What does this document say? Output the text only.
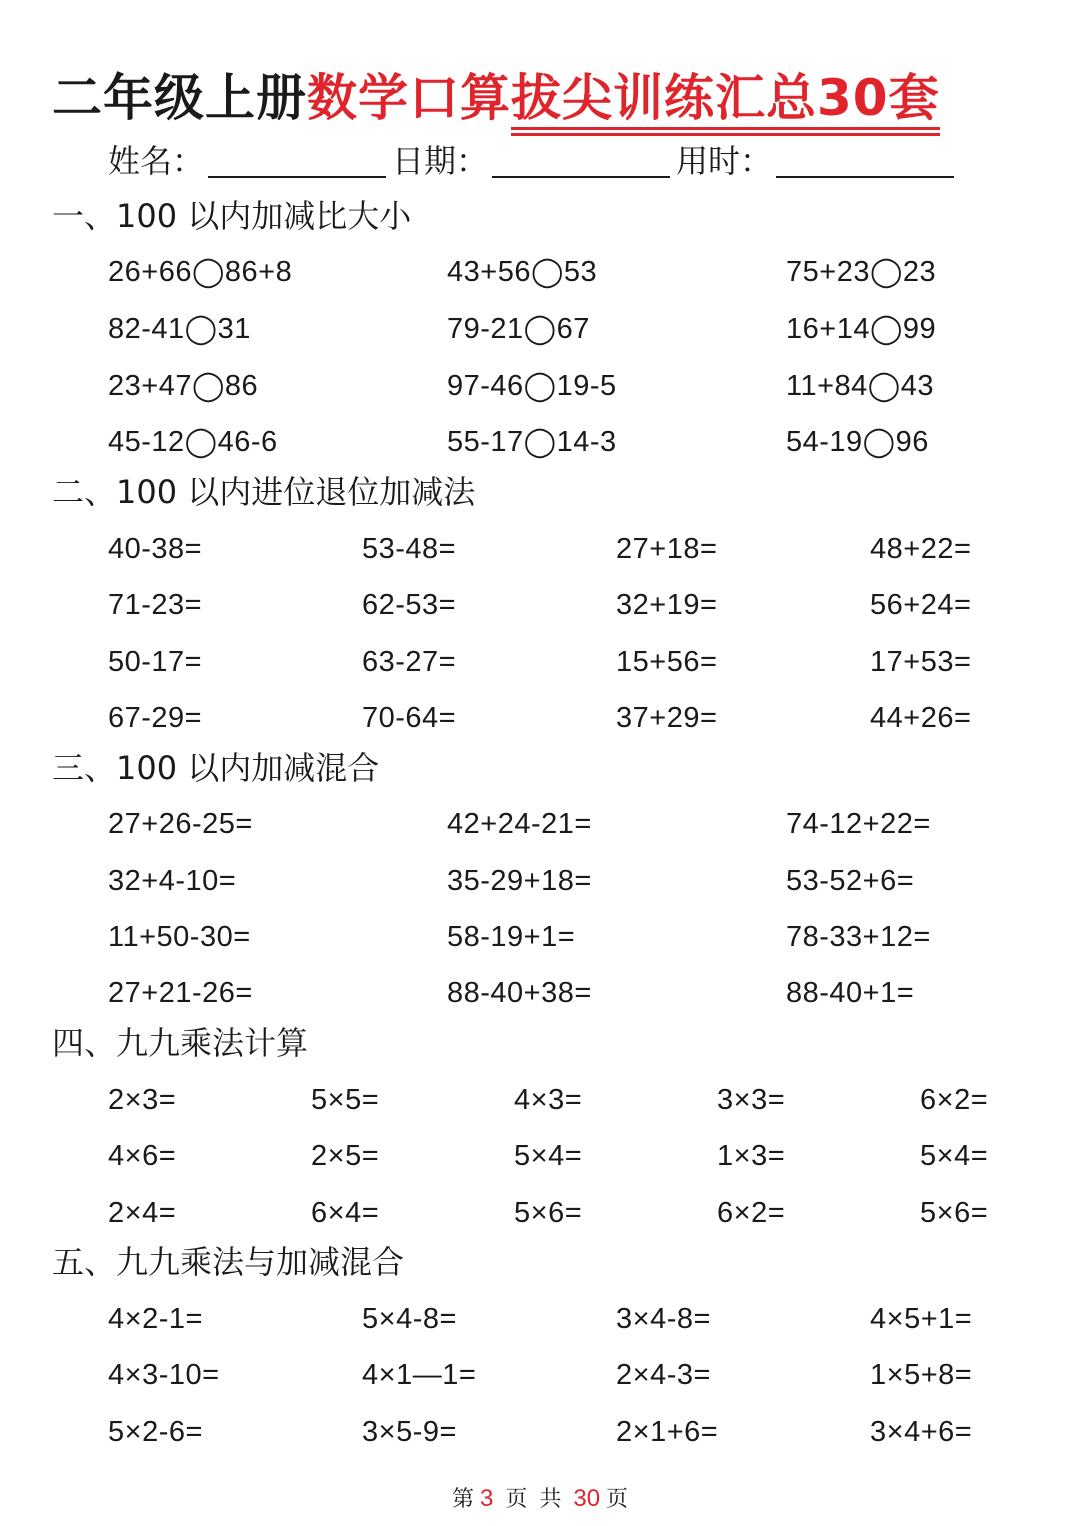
二年级上册数学口算拔尖训练汇总30套
姓名：	日期：	用时：
一、100 以内加减比大小
二、100 以内进位退位加减法
三、100 以内加减混合
四、九九乘法计算
五、九九乘法与加减混合
26+66◯86+8	43+56◯53	75+23◯23
82-41◯31	79-21◯67	16+14◯99
23+47◯86	97-46◯19-5	11+84◯43
45-12◯46-6	55-17◯14-3	54-19◯96
40-38=	53-48=	27+18=	48+22=
71-23=	62-53=	32+19=	56+24=
50-17=	63-27=	15+56=	17+53=
67-29=	70-64=	37+29=	44+26=
27+26-25=	42+24-21=	74-12+22=
32+4-10=	35-29+18=	53-52+6=
11+50-30=	58-19+1=	78-33+12=
27+21-26=	88-40+38=	88-40+1=
2×3=	5×5=	4×3=	3×3=	6×2=
4×6=	2×5=	5×4=	1×3=	5×4=
2×4=	6×4=	5×6=	6×2=	5×6=
4×2-1=	5×4-8=	3×4-8=	4×5+1=
4×3-10=	4×1—1=	2×4-3=	1×5+8=
5×2-6=	3×5-9=	2×1+6=	3×4+6=
第 3 页 共 30 页
